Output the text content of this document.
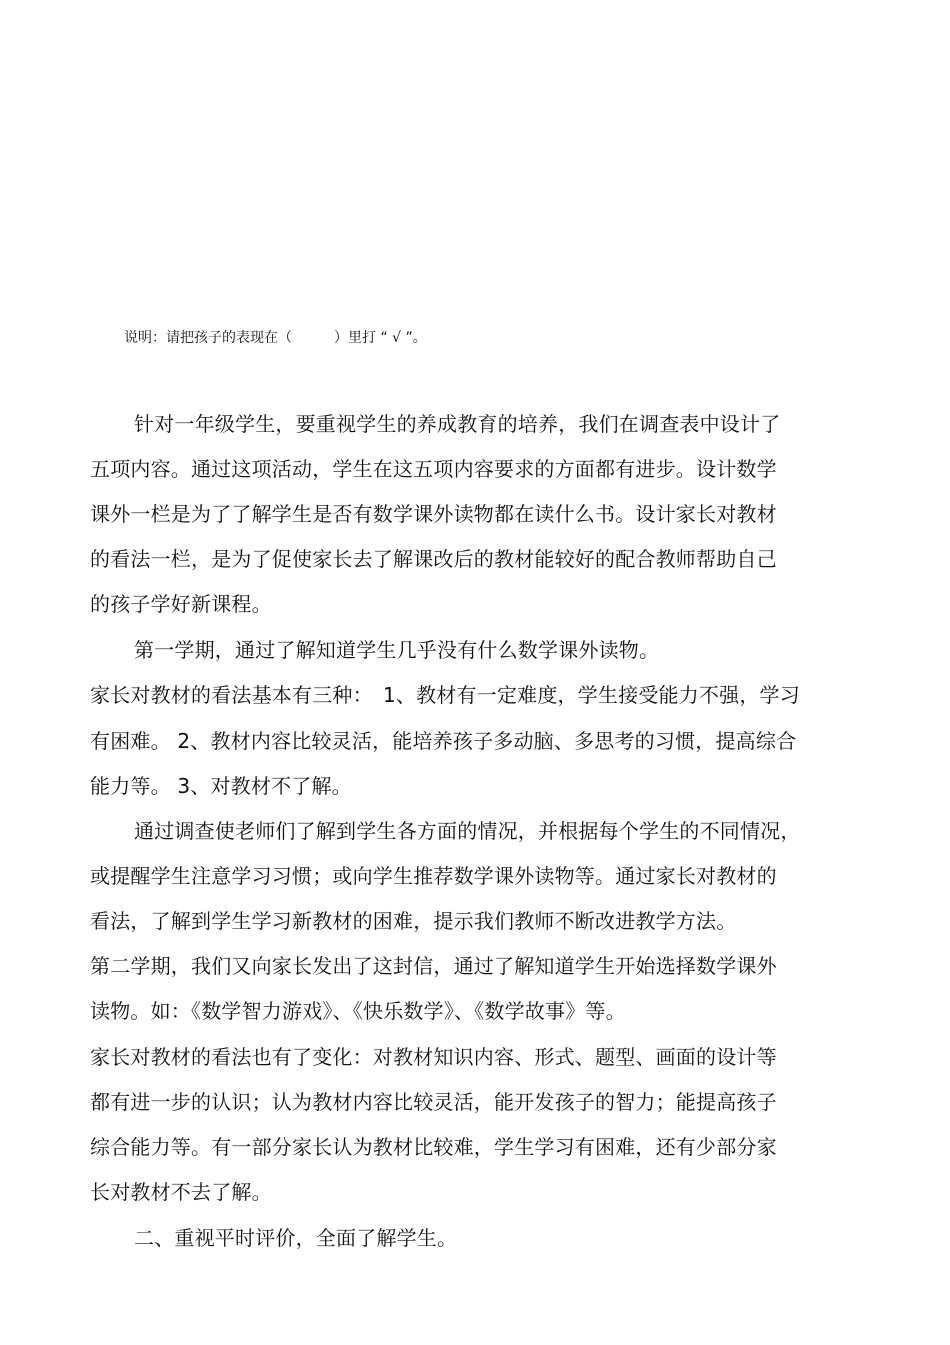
说明：请把孩子的表现在（　　　）里打 “ √ ”。
针对一年级学生，要重视学生的养成教育的培养，我们在调查表中设计了
五项内容。通过这项活动，学生在这五项内容要求的方面都有进步。设计数学
课外一栏是为了了解学生是否有数学课外读物都在读什么书。设计家长对教材
的看法一栏，是为了促使家长去了解课改后的教材能较好的配合教师帮助自己
的孩子学好新课程。
第一学期，通过了解知道学生几乎没有什么数学课外读物。
家长对教材的看法基本有三种：　1、教材有一定难度，学生接受能力不强，学习
有困难。 2、教材内容比较灵活，能培养孩子多动脑、多思考的习惯，提高综合
能力等。 3、对教材不了解。
通过调查使老师们了解到学生各方面的情况，并根据每个学生的不同情况，
或提醒学生注意学习习惯；或向学生推荐数学课外读物等。通过家长对教材的
看法，了解到学生学习新教材的困难，提示我们教师不断改进教学方法。
第二学期，我们又向家长发出了这封信，通过了解知道学生开始选择数学课外
读物。如：《数学智力游戏》、《快乐数学》、《数学故事》等。
家长对教材的看法也有了变化：对教材知识内容、形式、题型、画面的设计等
都有进一步的认识；认为教材内容比较灵活，能开发孩子的智力；能提高孩子
综合能力等。有一部分家长认为教材比较难，学生学习有困难，还有少部分家
长对教材不去了解。
二、重视平时评价，全面了解学生。
